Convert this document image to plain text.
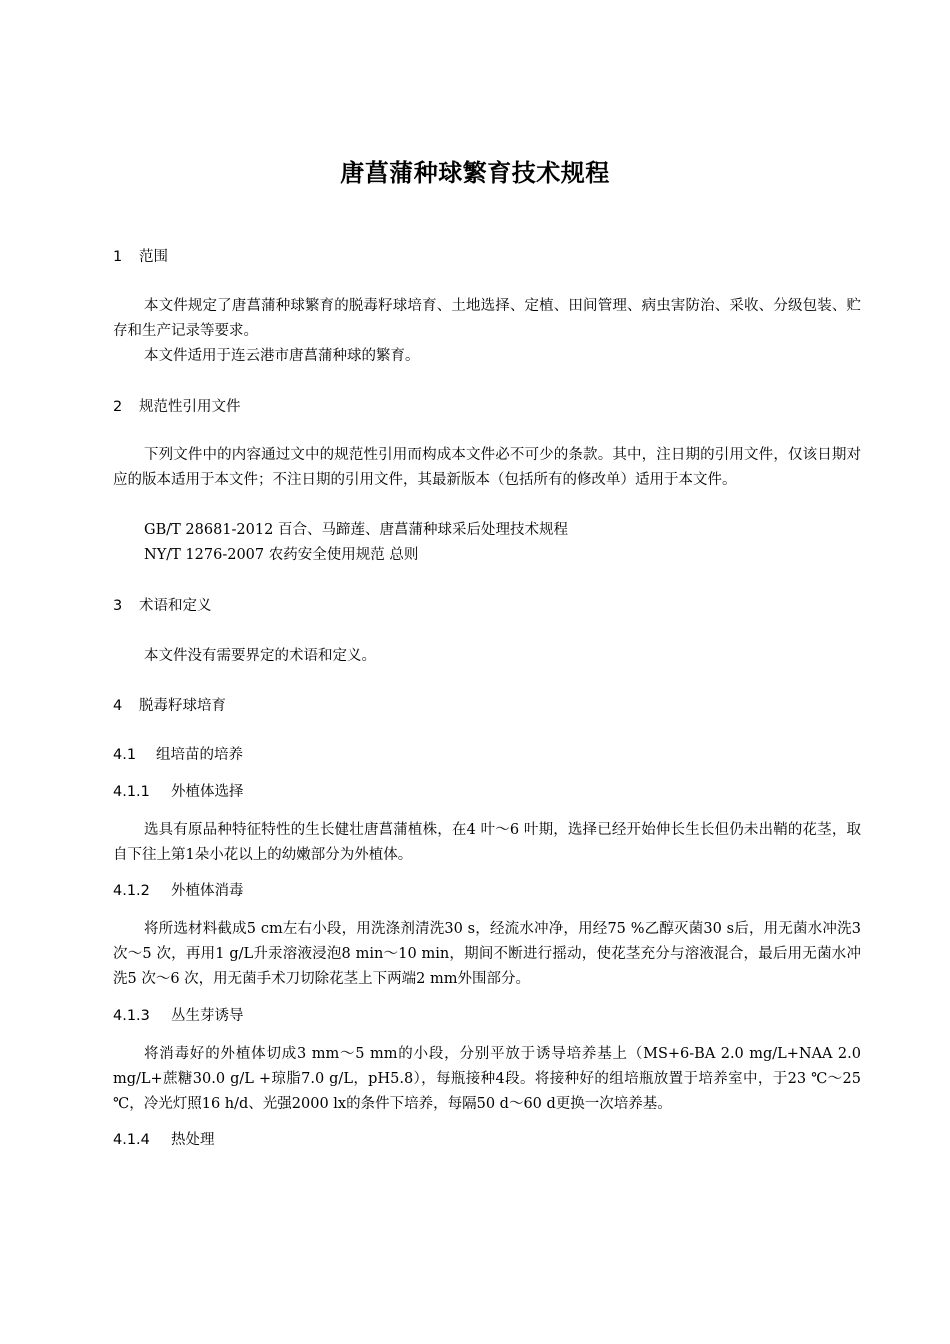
唐菖蒲种球繁育技术规程
1 范围

本文件规定了唐菖蒲种球繁育的脱毒籽球培育、土地选择、定植、田间管理、病虫害防治、采收、分级包装、贮存和生产记录等要求。

本文件适用于连云港市唐菖蒲种球的繁育。

2 规范性引用文件

下列文件中的内容通过文中的规范性引用而构成本文件必不可少的条款。其中，注日期的引用文件，仅该日期对应的版本适用于本文件；不注日期的引用文件，其最新版本（包括所有的修改单）适用于本文件。

GB/T 28681-2012 百合、马蹄莲、唐菖蒲种球采后处理技术规程

NY/T 1276-2007 农药安全使用规范 总则

3 术语和定义

本文件没有需要界定的术语和定义。

4 脱毒籽球培育
4.1 组培苗的培养
4.1.1 外植体选择

选具有原品种特征特性的生长健壮唐菖蒲植株，在4 叶～6 叶期，选择已经开始伸长生长但仍未出鞘的花茎，取自下往上第1朵小花以上的幼嫩部分为外植体。

4.1.2 外植体消毒

将所选材料截成5 cm左右小段，用洗涤剂清洗30 s，经流水冲净，用经75 %乙醇灭菌30 s后，用无菌水冲洗3 次～5 次，再用1 g/L升汞溶液浸泡8 min～10 min，期间不断进行摇动，使花茎充分与溶液混合，最后用无菌水冲洗5 次～6 次，用无菌手术刀切除花茎上下两端2 mm外围部分。

4.1.3 丛生芽诱导

将消毒好的外植体切成3 mm～5 mm的小段，分别平放于诱导培养基上（MS+6-BA 2.0 mg/L+NAA 2.0 mg/L+蔗糖30.0 g/L +琼脂7.0 g/L，pH5.8），每瓶接种4段。将接种好的组培瓶放置于培养室中，于23 ℃～25 ℃，冷光灯照16 h/d、光强2000 lx的条件下培养，每隔50 d～60 d更换一次培养基。

4.1.4 热处理
